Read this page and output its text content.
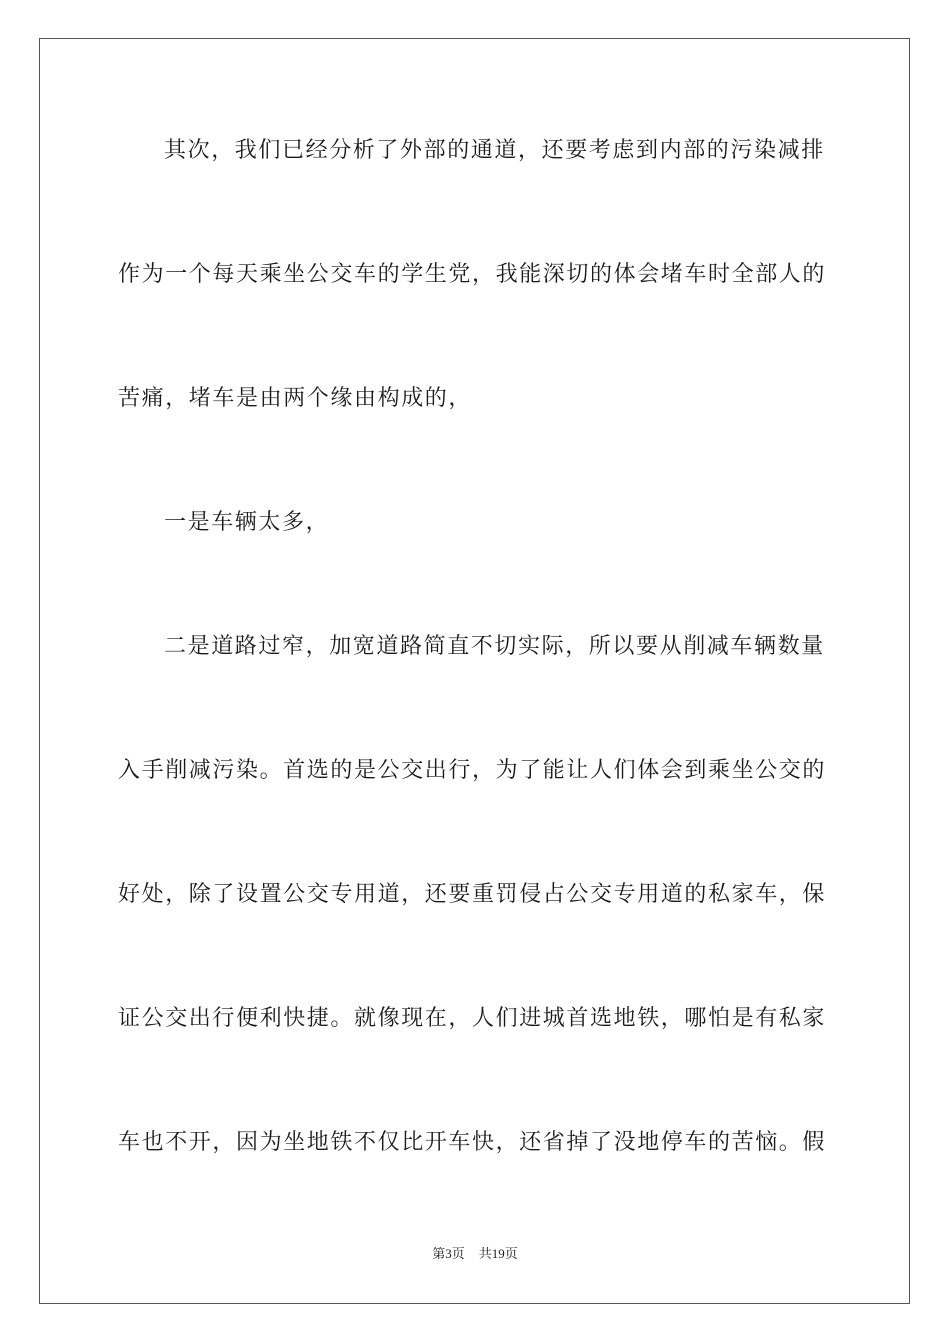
其次，我们已经分析了外部的通道，还要考虑到内部的污染减排
作为一个每天乘坐公交车的学生党，我能深切的体会堵车时全部人的
苦痛，堵车是由两个缘由构成的，
一是车辆太多，
二是道路过窄，加宽道路简直不切实际，所以要从削减车辆数量
入手削减污染。首选的是公交出行，为了能让人们体会到乘坐公交的
好处，除了设置公交专用道，还要重罚侵占公交专用道的私家车，保
证公交出行便利快捷。就像现在，人们进城首选地铁，哪怕是有私家
车也不开，因为坐地铁不仅比开车快，还省掉了没地停车的苦恼。假
第3页 共19页
